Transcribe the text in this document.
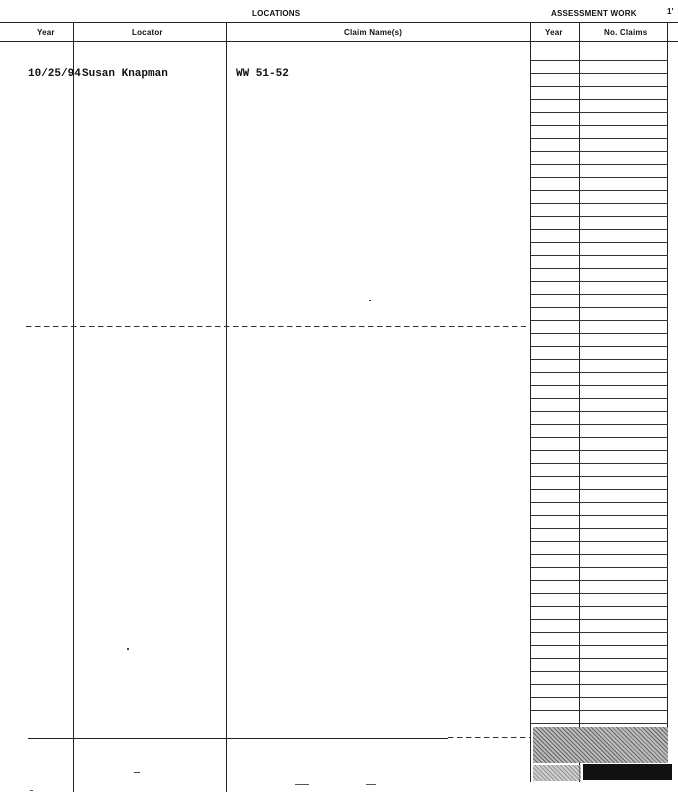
LOCATIONS	ASSESSMENT WORK	1'
Year	Locator	Claim Name(s)	Year	No. Claims
10/25/94 Susan Knapman	WW 51-52
